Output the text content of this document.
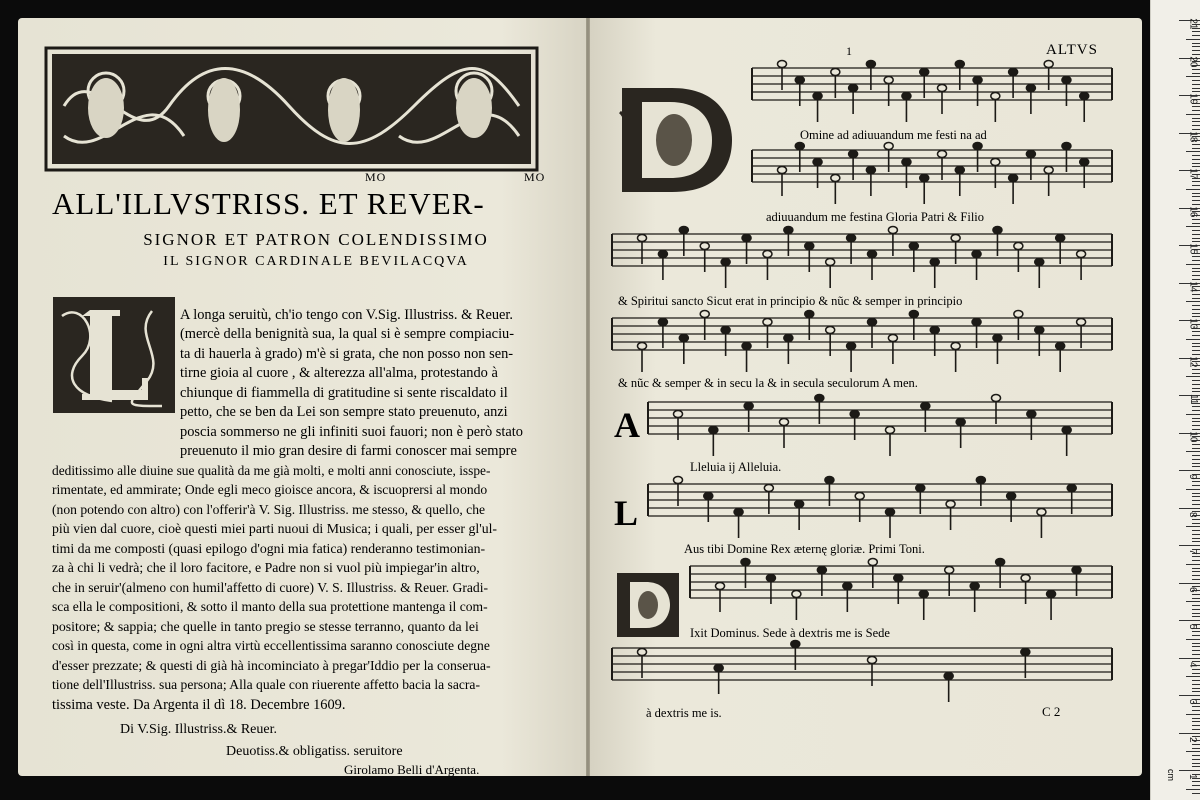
MO	MO
ALL'ILLVSTRISS. ET REVER-
SIGNOR ET PATRON COLENDISSIMO
IL SIGNOR CARDINALE BEVILACQVA
A longa seruitù, ch'io tengo con V.Sig. Illustriss. & Reuer.
(mercè della benignità sua, la qual si è sempre compiaciu-
ta di hauerla à grado) m'è si grata, che non posso non sen-
tirne gioia al cuore , & alterezza all'alma, protestando à
chiunque di fiammella di gratitudine si sente riscaldato il
petto, che se ben da Lei son sempre stato preuenuto, anzi
poscia sommerso ne gli infiniti suoi fauori; non è però stato
preuenuto il mio gran desire di farmi conoscer mai sempre
deditissimo alle diuine sue qualità da me già molti, e molti anni conosciute, isspe-
rimentate, ed ammirate; Onde egli meco gioisce ancora, & iscuoprersi al mondo
(non potendo con altro) con l'offerir'à V. Sig. Illustriss. me stesso, & quello, che
più vien dal cuore, cioè questi miei parti nuoui di Musica; i quali, per esser gl'ul-
timi da me composti (quasi epilogo d'ogni mia fatica) renderanno testimonian-
za à chi li vedrà; che il loro facitore, e Padre non si vuol più impiegar'in altro,
che in seruir'(almeno con humil'affetto di cuore) V. S. Illustriss. & Reuer. Gradi-
sca ella le compositioni, & sotto il manto della sua protettione mantenga il com-
positore; & sappia; che quelle in tanto pregio se stesse terranno, quanto da lei
così in questa, come in ogni altra virtù eccellentissima saranno conosciute degne
d'esser prezzate; & questi di già hà incominciato à pregar'Iddio per la conserua-
tione dell'Illustriss. sua persona; Alla quale con riuerente affetto bacia la sacra-
tissima veste. Da Argenta il dì 18. Decembre 1609.
Di V.Sig. Illustriss.& Reuer.
Deuotiss.& obligatiss. seruitore
Girolamo Belli d'Argenta.
1	ALTVS
A
L
Omine ad adiuuandum me festi na ad
adiuuandum me festina Gloria Patri & Filio
& Spiritui sancto Sicut erat in principio & nũc & semper in principio
& nũc & semper & in secu la & in secula seculorum A men.
Lleluia ij Alleluia.
Aus tibi Domine Rex æternę gloriæ. Primi Toni.
Ixit Dominus. Sede à dextris me is Sede
à dextris me is.	C 2
cm
21
20
19
18
17
16
15
14
13
12
11
10
9
8
7
6
5
4
3
2
1
